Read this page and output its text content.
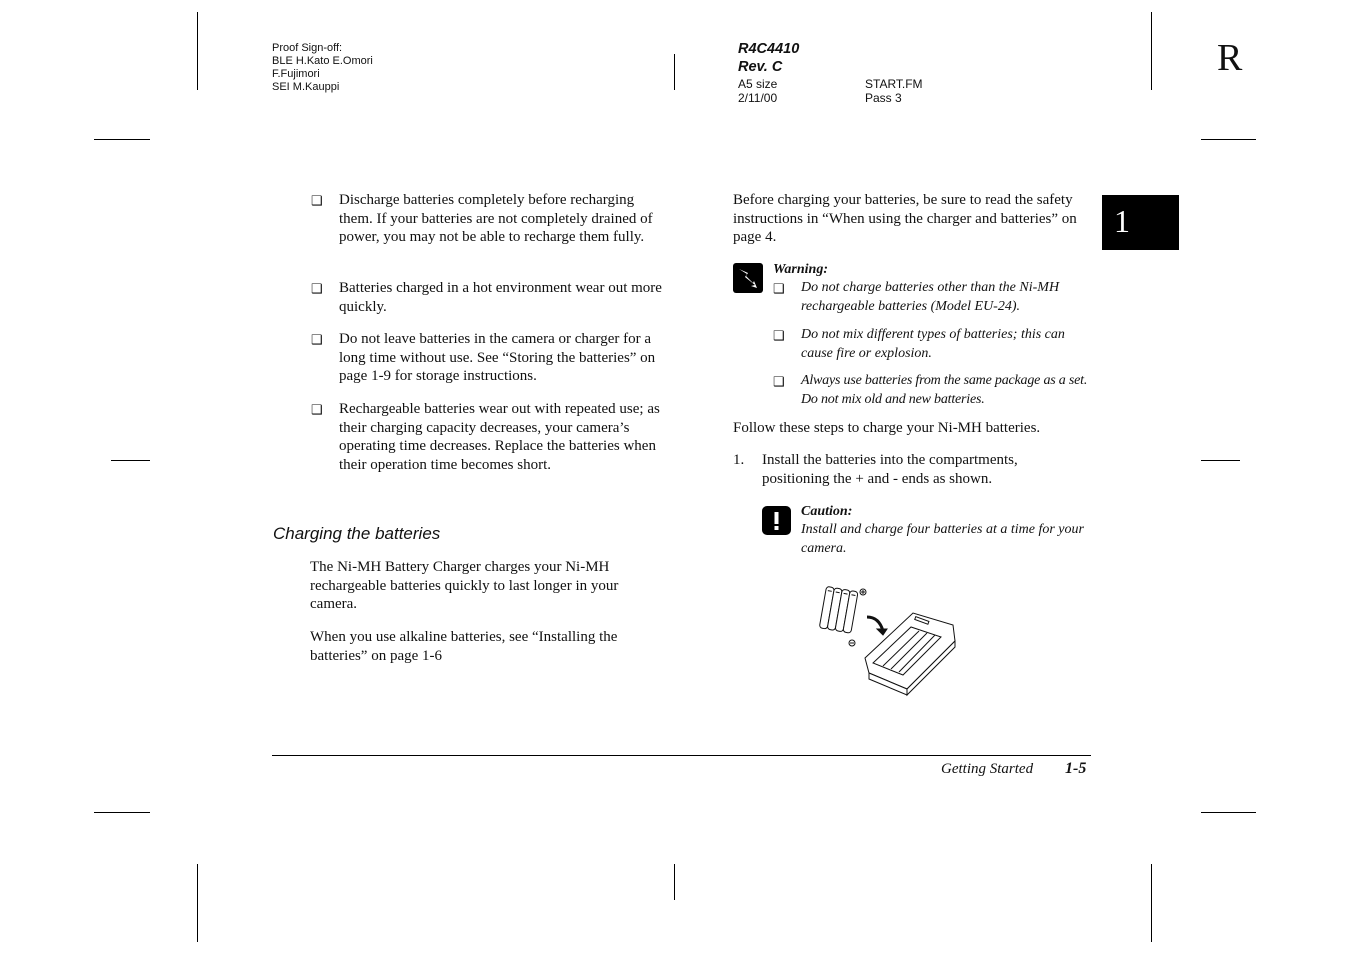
Proof Sign-off:
BLE H.Kato E.Omori
F.Fujimori
SEI M.Kauppi
R4C4410
Rev. C
A5 size
2/11/00
START.FM
Pass 3
R
1
❑ Discharge batteries completely before recharging them. If your batteries are not completely drained of power, you may not be able to recharge them fully.
❑ Batteries charged in a hot environment wear out more quickly.
❑ Do not leave batteries in the camera or charger for a long time without use. See “Storing the batteries” on page 1-9 for storage instructions.
❑ Rechargeable batteries wear out with repeated use; as their charging capacity decreases, your camera’s operating time decreases. Replace the batteries when their operation time becomes short.
Charging the batteries
The Ni-MH Battery Charger charges your Ni-MH rechargeable batteries quickly to last longer in your camera.
When you use alkaline batteries, see “Installing the batteries” on page 1-6
Before charging your batteries, be sure to read the safety instructions in “When using the charger and batteries” on page 4.
Warning:
❑ Do not charge batteries other than the Ni-MH rechargeable batteries (Model EU-24).
❑ Do not mix different types of batteries; this can cause fire or explosion.
❑ Always use batteries from the same package as a set. Do not mix old and new batteries.
Follow these steps to charge your Ni-MH batteries.
1. Install the batteries into the compartments, positioning the + and - ends as shown.
Caution:
Install and charge four batteries at a time for your camera.
Getting Started 1-5
